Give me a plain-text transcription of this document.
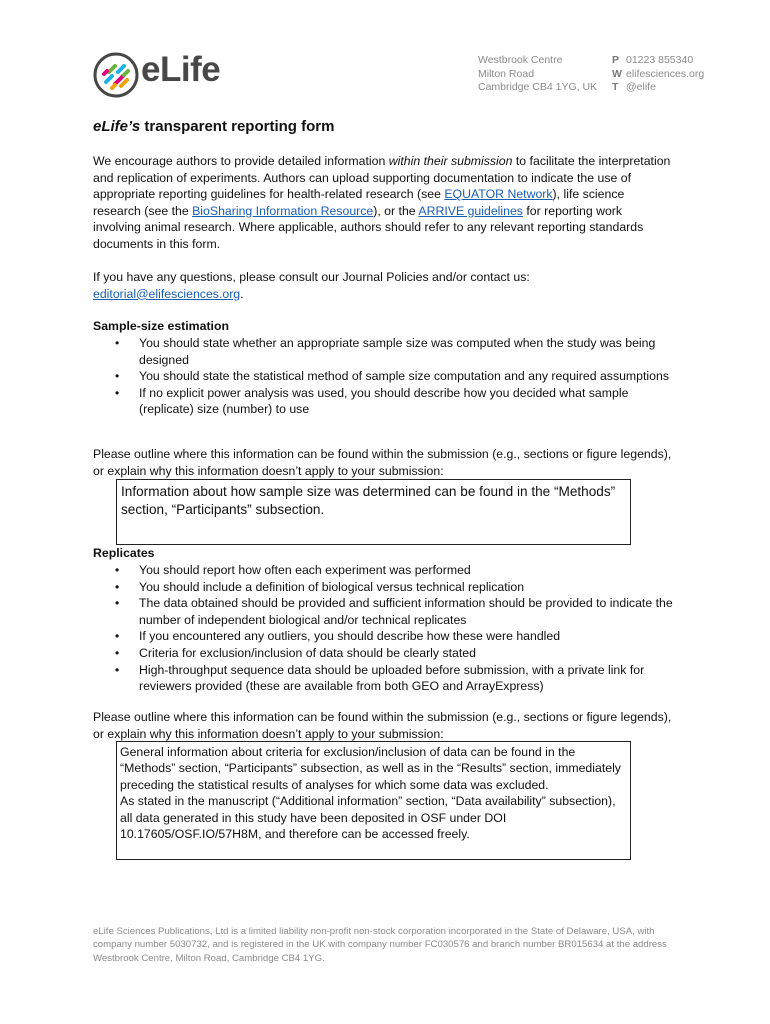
eLife	Westbrook Centre
Milton Road
Cambridge CB4 1YG, UK
P 01223 855340
W elifesciences.org
T @elife
eLife’s transparent reporting form
We encourage authors to provide detailed information within their submission to facilitate the interpretation and replication of experiments. Authors can upload supporting documentation to indicate the use of appropriate reporting guidelines for health-related research (see EQUATOR Network), life science research (see the BioSharing Information Resource), or the ARRIVE guidelines for reporting work involving animal research. Where applicable, authors should refer to any relevant reporting standards documents in this form.
If you have any questions, please consult our Journal Policies and/or contact us: editorial@elifesciences.org.
Sample-size estimation
• You should state whether an appropriate sample size was computed when the study was being designed
• You should state the statistical method of sample size computation and any required assumptions
• If no explicit power analysis was used, you should describe how you decided what sample (replicate) size (number) to use
Please outline where this information can be found within the submission (e.g., sections or figure legends), or explain why this information doesn’t apply to your submission:
Information about how sample size was determined can be found in the “Methods” section, “Participants” subsection.
Replicates
• You should report how often each experiment was performed
• You should include a definition of biological versus technical replication
• The data obtained should be provided and sufficient information should be provided to indicate the number of independent biological and/or technical replicates
• If you encountered any outliers, you should describe how these were handled
• Criteria for exclusion/inclusion of data should be clearly stated
• High-throughput sequence data should be uploaded before submission, with a private link for reviewers provided (these are available from both GEO and ArrayExpress)
Please outline where this information can be found within the submission (e.g., sections or figure legends), or explain why this information doesn’t apply to your submission:
General information about criteria for exclusion/inclusion of data can be found in the “Methods” section, “Participants” subsection, as well as in the “Results” section, immediately preceding the statistical results of analyses for which some data was excluded.
As stated in the manuscript (“Additional information” section, “Data availability” subsection), all data generated in this study have been deposited in OSF under DOI 10.17605/OSF.IO/57H8M, and therefore can be accessed freely.
eLife Sciences Publications, Ltd is a limited liability non-profit non-stock corporation incorporated in the State of Delaware, USA, with company number 5030732, and is registered in the UK with company number FC030576 and branch number BR015634 at the address Westbrook Centre, Milton Road, Cambridge CB4 1YG.
